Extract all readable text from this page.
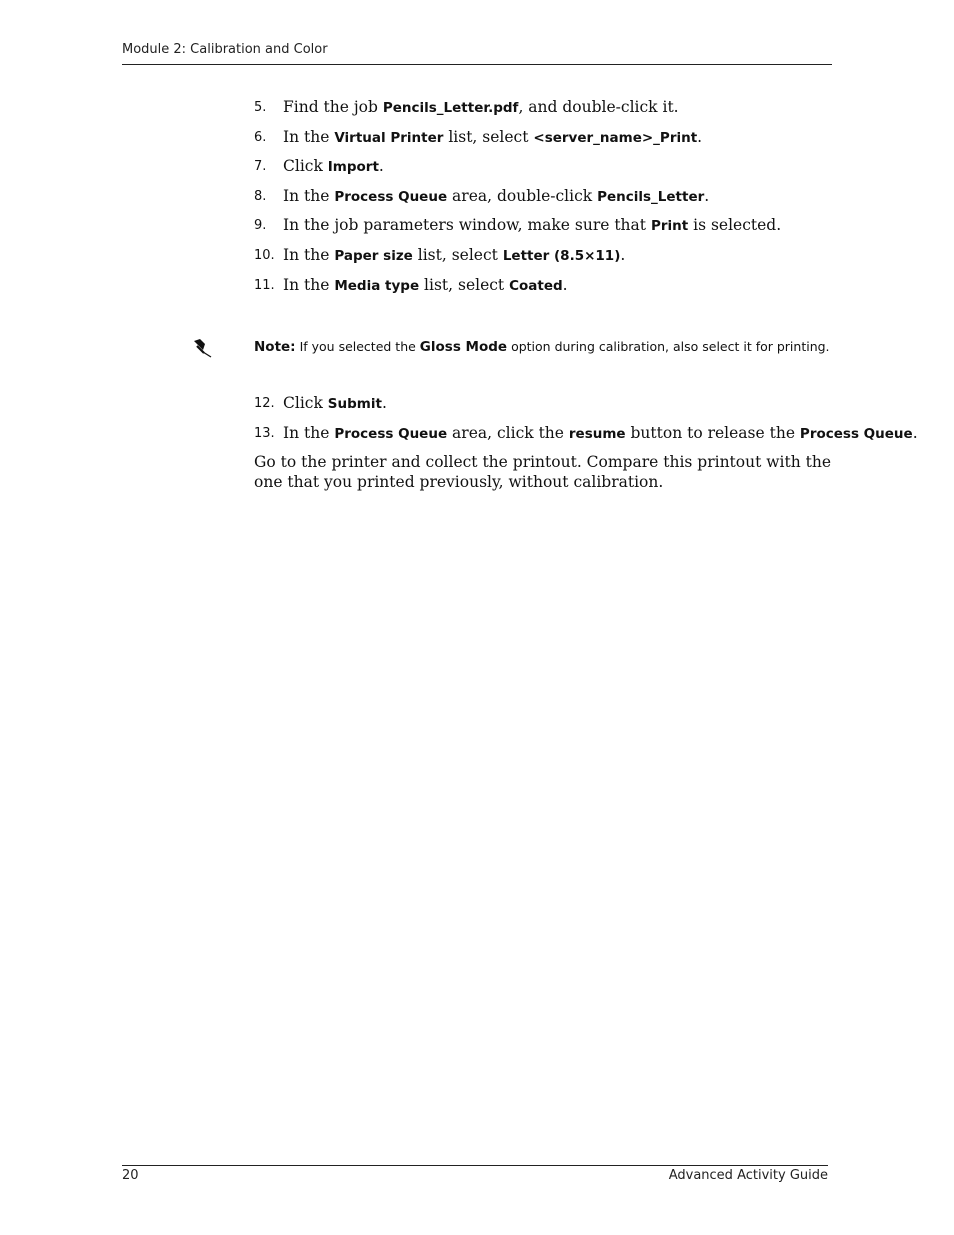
Module 2: Calibration and Color
5.	Find the job Pencils_Letter.pdf, and double-click it.
6.	In the Virtual Printer list, select <server_name>_Print.
7.	Click Import.
8.	In the Process Queue area, double-click Pencils_Letter.
9.	In the job parameters window, make sure that Print is selected.
10. In the Paper size list, select Letter (8.5×11).
11. In the Media type list, select Coated.
Note: If you selected the Gloss Mode option during calibration, also select it for printing.
12. Click Submit.
13. In the Process Queue area, click the resume button to release the Process Queue.

Go to the printer and collect the printout. Compare this printout with the one that you printed previously, without calibration.

20	Advanced Activity Guide
